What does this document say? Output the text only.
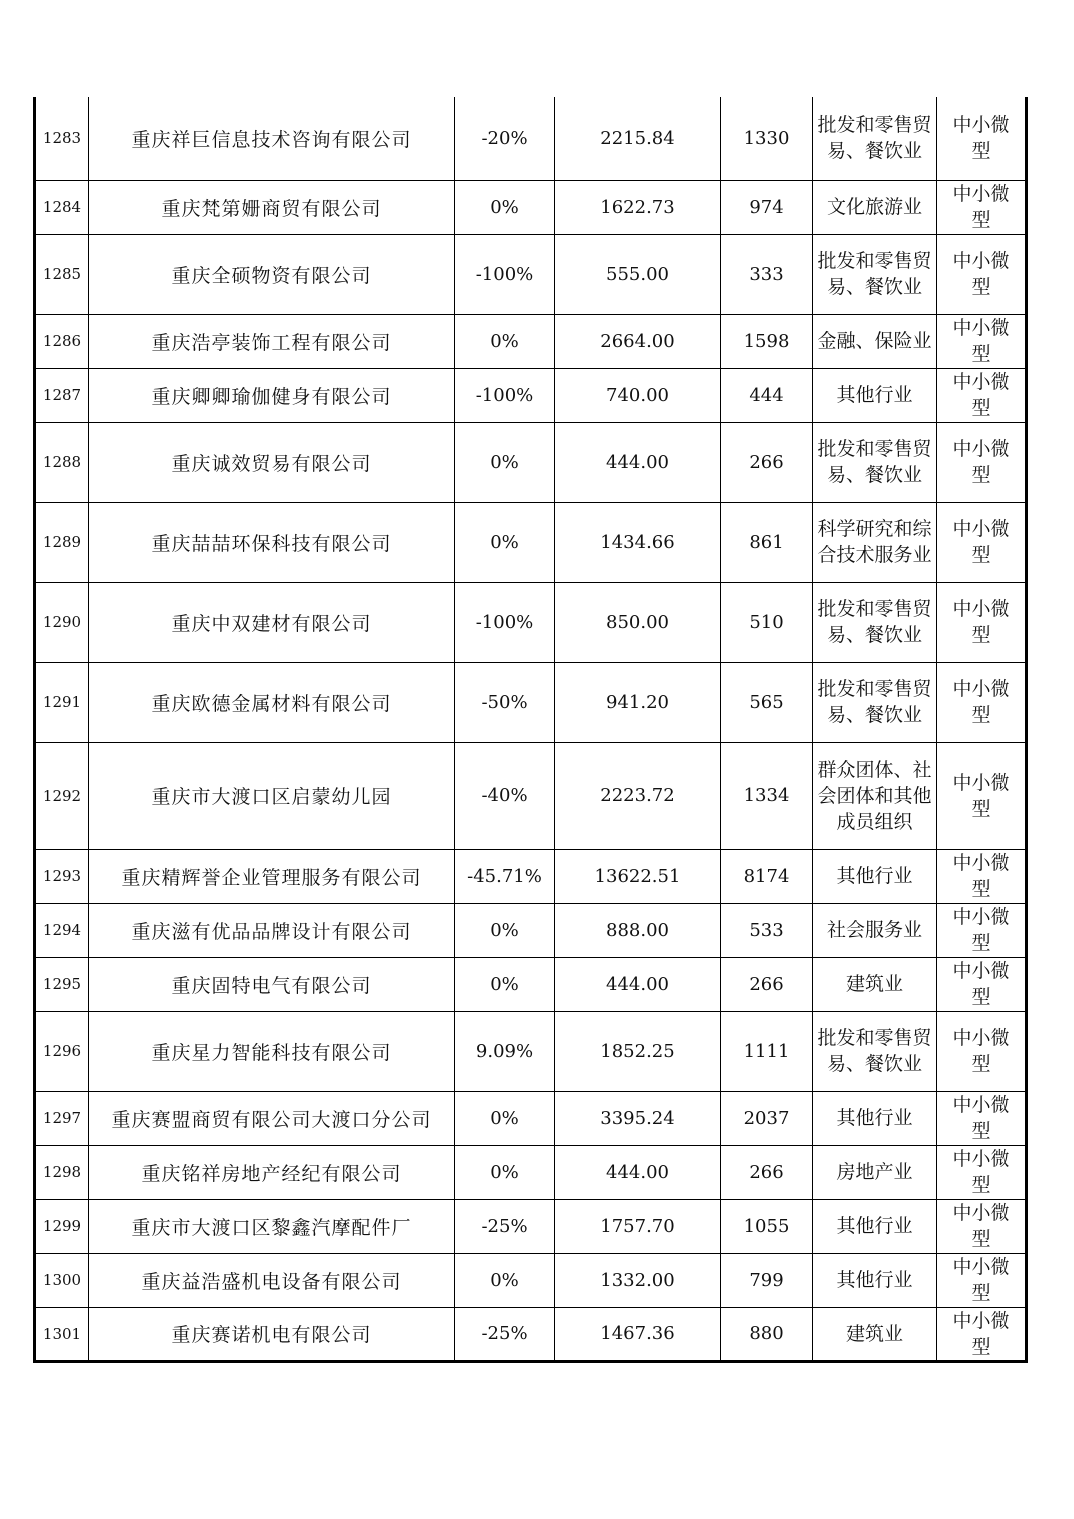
1283	重庆祥巨信息技术咨询有限公司	-20%	2215.84	1330	批发和零售贸易、餐饮业	中小微型
1284	重庆梵第姗商贸有限公司	0%	1622.73	974	文化旅游业	中小微型
1285	重庆全硕物资有限公司	-100%	555.00	333	批发和零售贸易、餐饮业	中小微型
1286	重庆浩亭装饰工程有限公司	0%	2664.00	1598	金融、保险业	中小微型
1287	重庆卿卿瑜伽健身有限公司	-100%	740.00	444	其他行业	中小微型
1288	重庆诚效贸易有限公司	0%	444.00	266	批发和零售贸易、餐饮业	中小微型
1289	重庆喆喆环保科技有限公司	0%	1434.66	861	科学研究和综合技术服务业	中小微型
1290	重庆中双建材有限公司	-100%	850.00	510	批发和零售贸易、餐饮业	中小微型
1291	重庆欧德金属材料有限公司	-50%	941.20	565	批发和零售贸易、餐饮业	中小微型
1292	重庆市大渡口区启蒙幼儿园	-40%	2223.72	1334	群众团体、社会团体和其他成员组织	中小微型
1293	重庆精辉誉企业管理服务有限公司	-45.71%	13622.51	8174	其他行业	中小微型
1294	重庆滋有优品品牌设计有限公司	0%	888.00	533	社会服务业	中小微型
1295	重庆固特电气有限公司	0%	444.00	266	建筑业	中小微型
1296	重庆星力智能科技有限公司	9.09%	1852.25	1111	批发和零售贸易、餐饮业	中小微型
1297	重庆赛盟商贸有限公司大渡口分公司	0%	3395.24	2037	其他行业	中小微型
1298	重庆铭祥房地产经纪有限公司	0%	444.00	266	房地产业	中小微型
1299	重庆市大渡口区黎鑫汽摩配件厂	-25%	1757.70	1055	其他行业	中小微型
1300	重庆益浩盛机电设备有限公司	0%	1332.00	799	其他行业	中小微型
1301	重庆赛诺机电有限公司	-25%	1467.36	880	建筑业	中小微型
